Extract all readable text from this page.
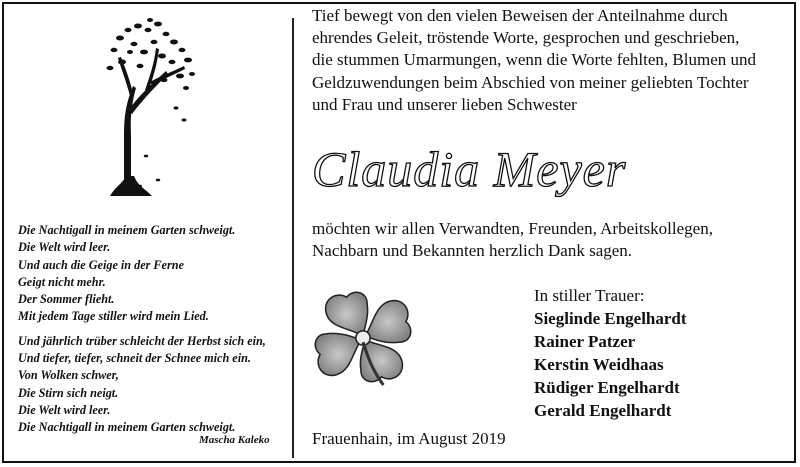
Die Nachtigall in meinem Garten schweigt.
Die Welt wird leer.
Und auch die Geige in der Ferne
Geigt nicht mehr.
Der Sommer flieht.
Mit jedem Tage stiller wird mein Lied.
Und jährlich trüber schleicht der Herbst sich ein,
Und tiefer, tiefer, schneit der Schnee mich ein.
Von Wolken schwer,
Die Stirn sich neigt.
Die Welt wird leer.
Die Nachtigall in meinem Garten schweigt.
Mascha Kaleko
Tief bewegt von den vielen Beweisen der Anteilnahme durch
ehrendes Geleit, tröstende Worte, gesprochen und geschrieben,
die stummen Umarmungen, wenn die Worte fehlten, Blumen und
Geldzuwendungen beim Abschied von meiner geliebten Tochter
und Frau und unserer lieben Schwester
Claudia Meyer
möchten wir allen Verwandten, Freunden, Arbeitskollegen,
Nachbarn und Bekannten herzlich Dank sagen.
In stiller Trauer:
Sieglinde Engelhardt
Rainer Patzer
Kerstin Weidhaas
Rüdiger Engelhardt
Gerald Engelhardt
Frauenhain, im August 2019
